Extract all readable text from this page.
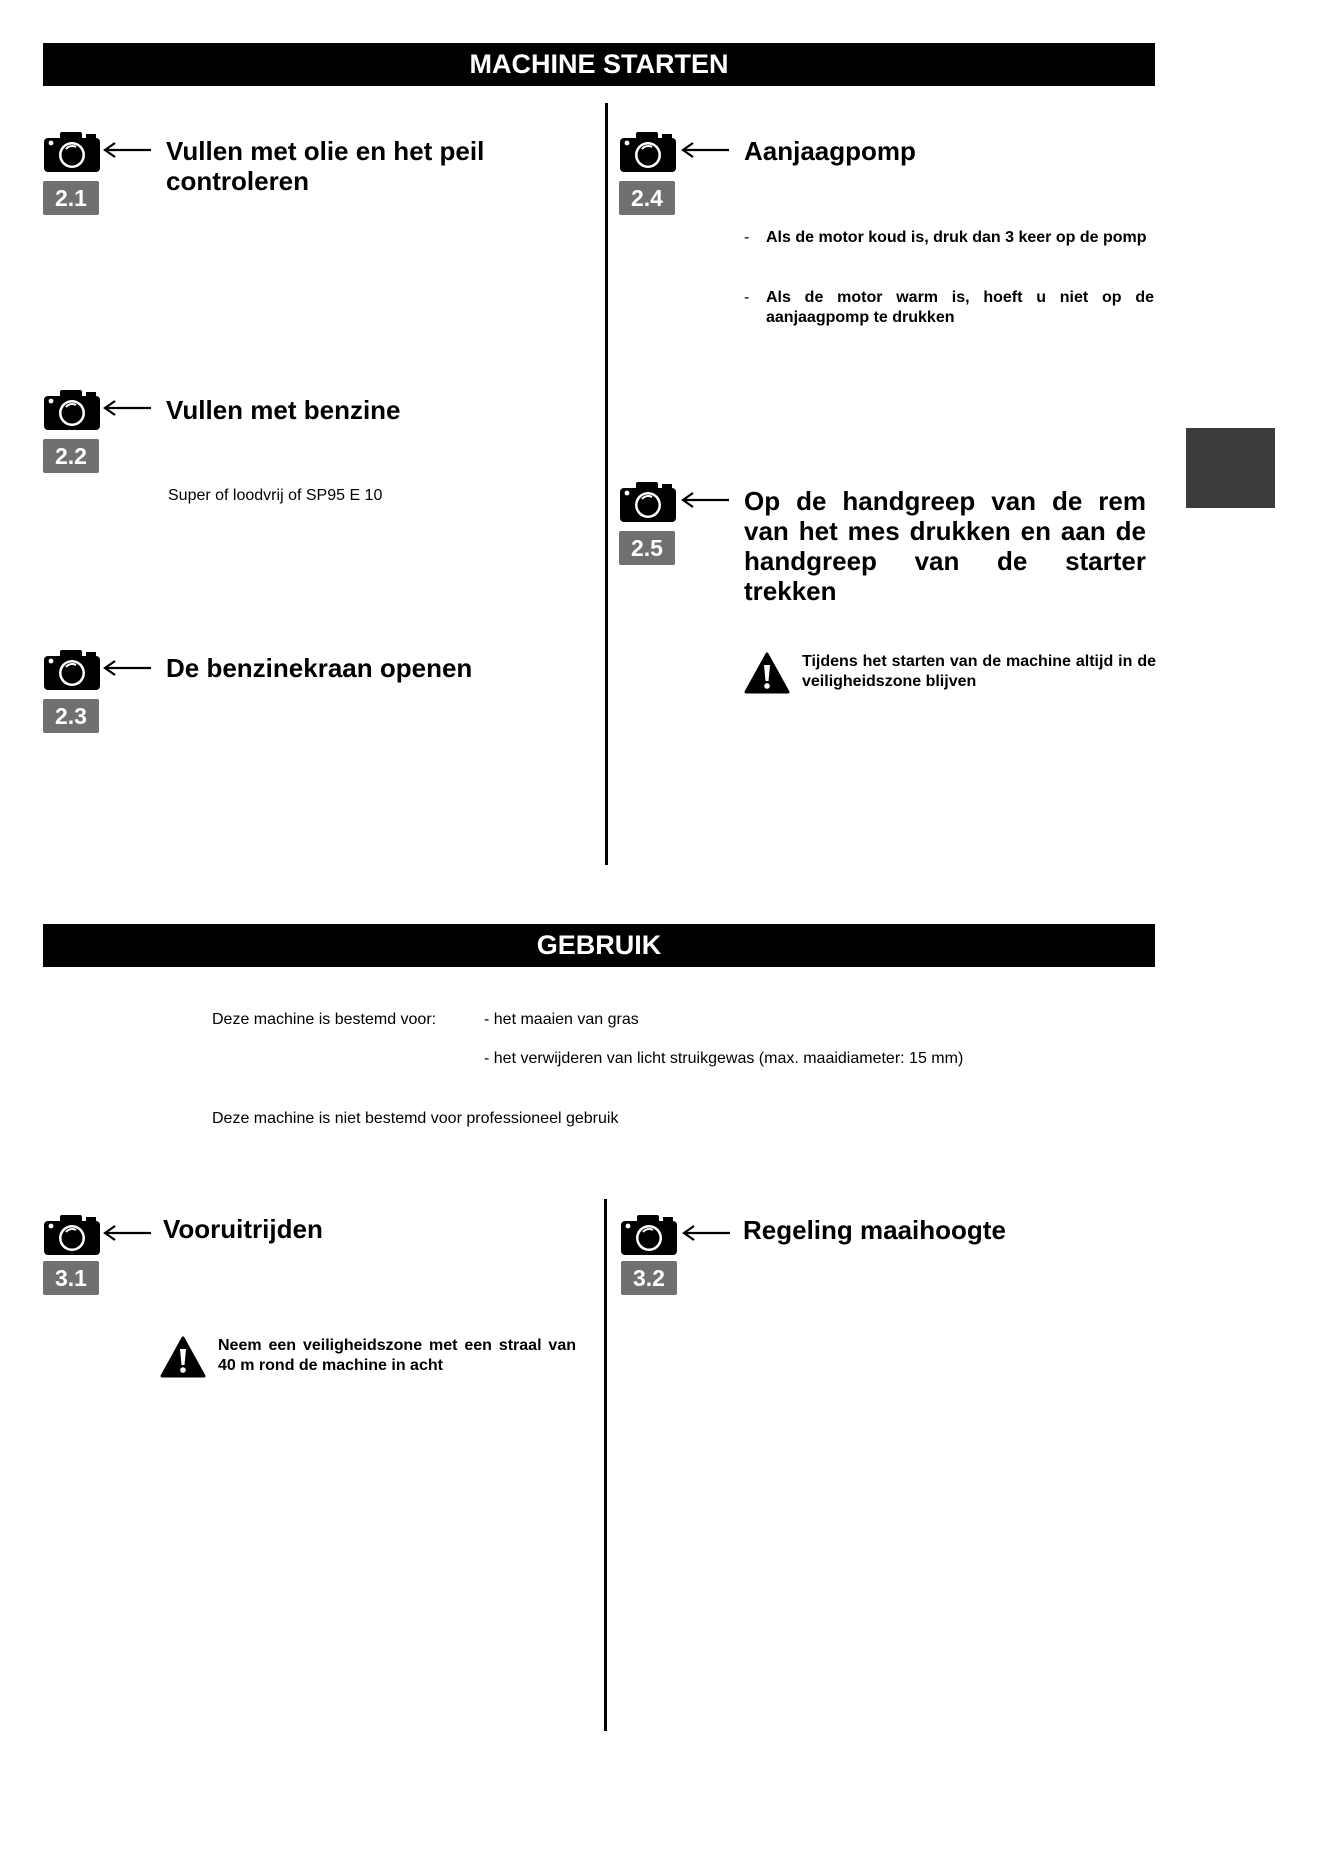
MACHINE STARTEN
2.1
Vullen met olie en het peil controleren
2.2
Vullen met benzine
Super of loodvrij of SP95 E 10
2.3
De benzinekraan openen
2.4
Aanjaagpomp
-	Als de motor koud is, druk dan 3 keer op de pomp
-	Als de motor warm is, hoeft u niet op de aanjaagpomp te drukken
2.5
Op de handgreep van de rem van het mes drukken en aan de handgreep van de starter trekken
Tijdens het starten van de machine altijd in de veiligheidszone blijven
GEBRUIK
Deze machine is bestemd voor:	- het maaien van gras
- het verwijderen van licht struikgewas (max. maaidiameter: 15 mm)
Deze machine is niet bestemd voor professioneel gebruik
3.1
Vooruitrijden
Neem een veiligheidszone met een straal van 40 m rond de machine in acht
3.2
Regeling maaihoogte
